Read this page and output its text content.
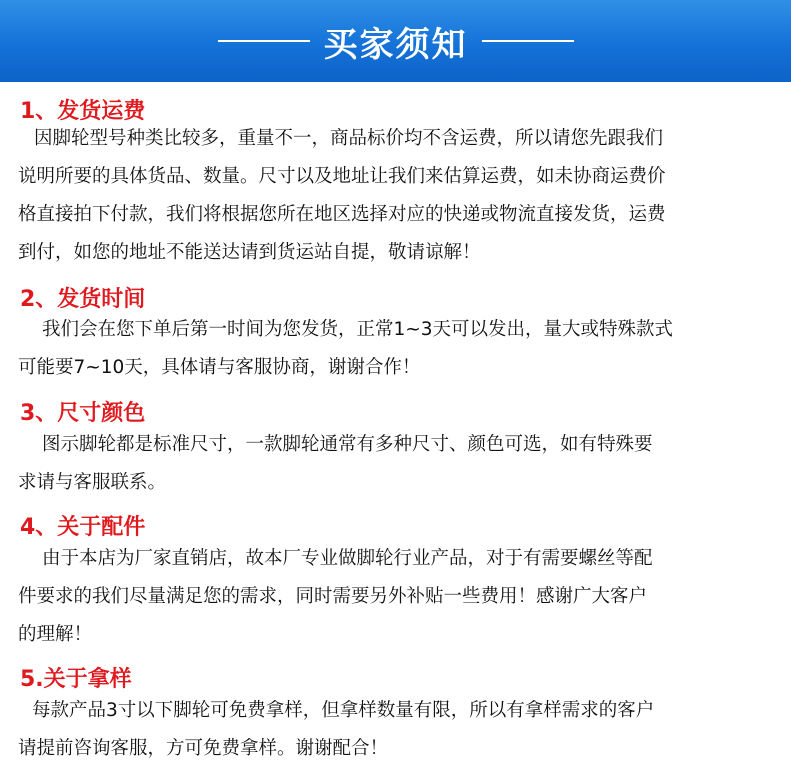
买家须知
1、发货运费
因脚轮型号种类比较多，重量不一，商品标价均不含运费，所以请您先跟我们
说明所要的具体货品、数量。尺寸以及地址让我们来估算运费，如未协商运费价
格直接拍下付款，我们将根据您所在地区选择对应的快递或物流直接发货，运费
到付，如您的地址不能送达请到货运站自提，敬请谅解！
2、发货时间
我们会在您下单后第一时间为您发货，正常1~3天可以发出，量大或特殊款式
可能要7~10天，具体请与客服协商，谢谢合作！
3、尺寸颜色
图示脚轮都是标准尺寸，一款脚轮通常有多种尺寸、颜色可选，如有特殊要
求请与客服联系。
4、关于配件
由于本店为厂家直销店，故本厂专业做脚轮行业产品，对于有需要螺丝等配
件要求的我们尽量满足您的需求，同时需要另外补贴一些费用！感谢广大客户
的理解！
5.关于拿样
每款产品3寸以下脚轮可免费拿样，但拿样数量有限，所以有拿样需求的客户
请提前咨询客服，方可免费拿样。谢谢配合！
